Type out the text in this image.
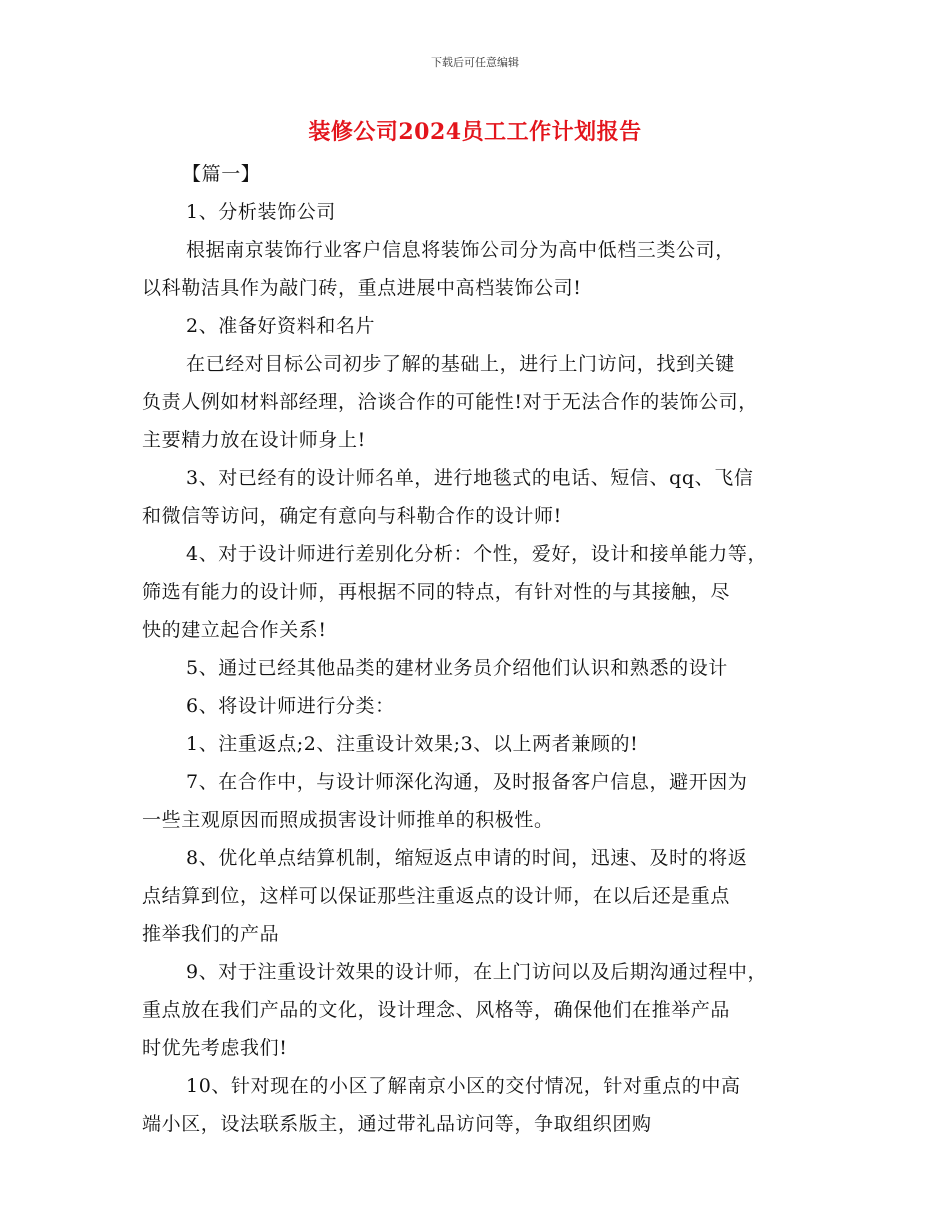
下载后可任意编辑
装修公司2024员工工作计划报告
【篇一】
1、分析装饰公司
根据南京装饰行业客户信息将装饰公司分为高中低档三类公司，
以科勒洁具作为敲门砖，重点进展中高档装饰公司!
2、准备好资料和名片
在已经对目标公司初步了解的基础上，进行上门访问，找到关键
负责人例如材料部经理，洽谈合作的可能性!对于无法合作的装饰公司，
主要精力放在设计师身上!
3、对已经有的设计师名单，进行地毯式的电话、短信、qq、飞信
和微信等访问，确定有意向与科勒合作的设计师!
4、对于设计师进行差别化分析：个性，爱好，设计和接单能力等，
筛选有能力的设计师，再根据不同的特点，有针对性的与其接触，尽
快的建立起合作关系!
5、通过已经其他品类的建材业务员介绍他们认识和熟悉的设计
6、将设计师进行分类：
1、注重返点;2、注重设计效果;3、以上两者兼顾的!
7、在合作中，与设计师深化沟通，及时报备客户信息，避开因为
一些主观原因而照成损害设计师推单的积极性。
8、优化单点结算机制，缩短返点申请的时间，迅速、及时的将返
点结算到位，这样可以保证那些注重返点的设计师，在以后还是重点
推举我们的产品
9、对于注重设计效果的设计师，在上门访问以及后期沟通过程中，
重点放在我们产品的文化，设计理念、风格等，确保他们在推举产品
时优先考虑我们!
10、针对现在的小区了解南京小区的交付情况，针对重点的中高
端小区，设法联系版主，通过带礼品访问等，争取组织团购
